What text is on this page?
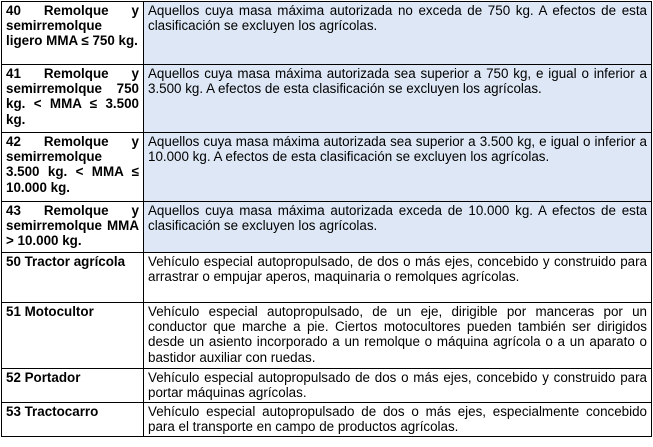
40 Remolque y semirremolque ligero MMA ≤ 750 kg.	Aquellos cuya masa máxima autorizada no exceda de 750 kg. A efectos de esta clasificación se excluyen los agrícolas.
41 Remolque y semirremolque 750 kg. < MMA ≤ 3.500 kg.	Aquellos cuya masa máxima autorizada sea superior a 750 kg, e igual o inferior a 3.500 kg. A efectos de esta clasificación se excluyen los agrícolas.
42 Remolque y semirremolque 3.500 kg. < MMA ≤ 10.000 kg.	Aquellos cuya masa máxima autorizada sea superior a 3.500 kg, e igual o inferior a 10.000 kg. A efectos de esta clasificación se excluyen los agrícolas.
43 Remolque y semirremolque MMA > 10.000 kg.	Aquellos cuya masa máxima autorizada exceda de 10.000 kg. A efectos de esta clasificación se excluyen los agrícolas.
50 Tractor agrícola	Vehículo especial autopropulsado, de dos o más ejes, concebido y construido para arrastrar o empujar aperos, maquinaria o remolques agrícolas.
51 Motocultor	Vehículo especial autopropulsado, de un eje, dirigible por manceras por un conductor que marche a pie. Ciertos motocultores pueden también ser dirigidos desde un asiento incorporado a un remolque o máquina agrícola o a un aparato o bastidor auxiliar con ruedas.
52 Portador	Vehículo especial autopropulsado de dos o más ejes, concebido y construido para portar máquinas agrícolas.
53 Tractocarro	Vehículo especial autopropulsado de dos o más ejes, especialmente concebido para el transporte en campo de productos agrícolas.
